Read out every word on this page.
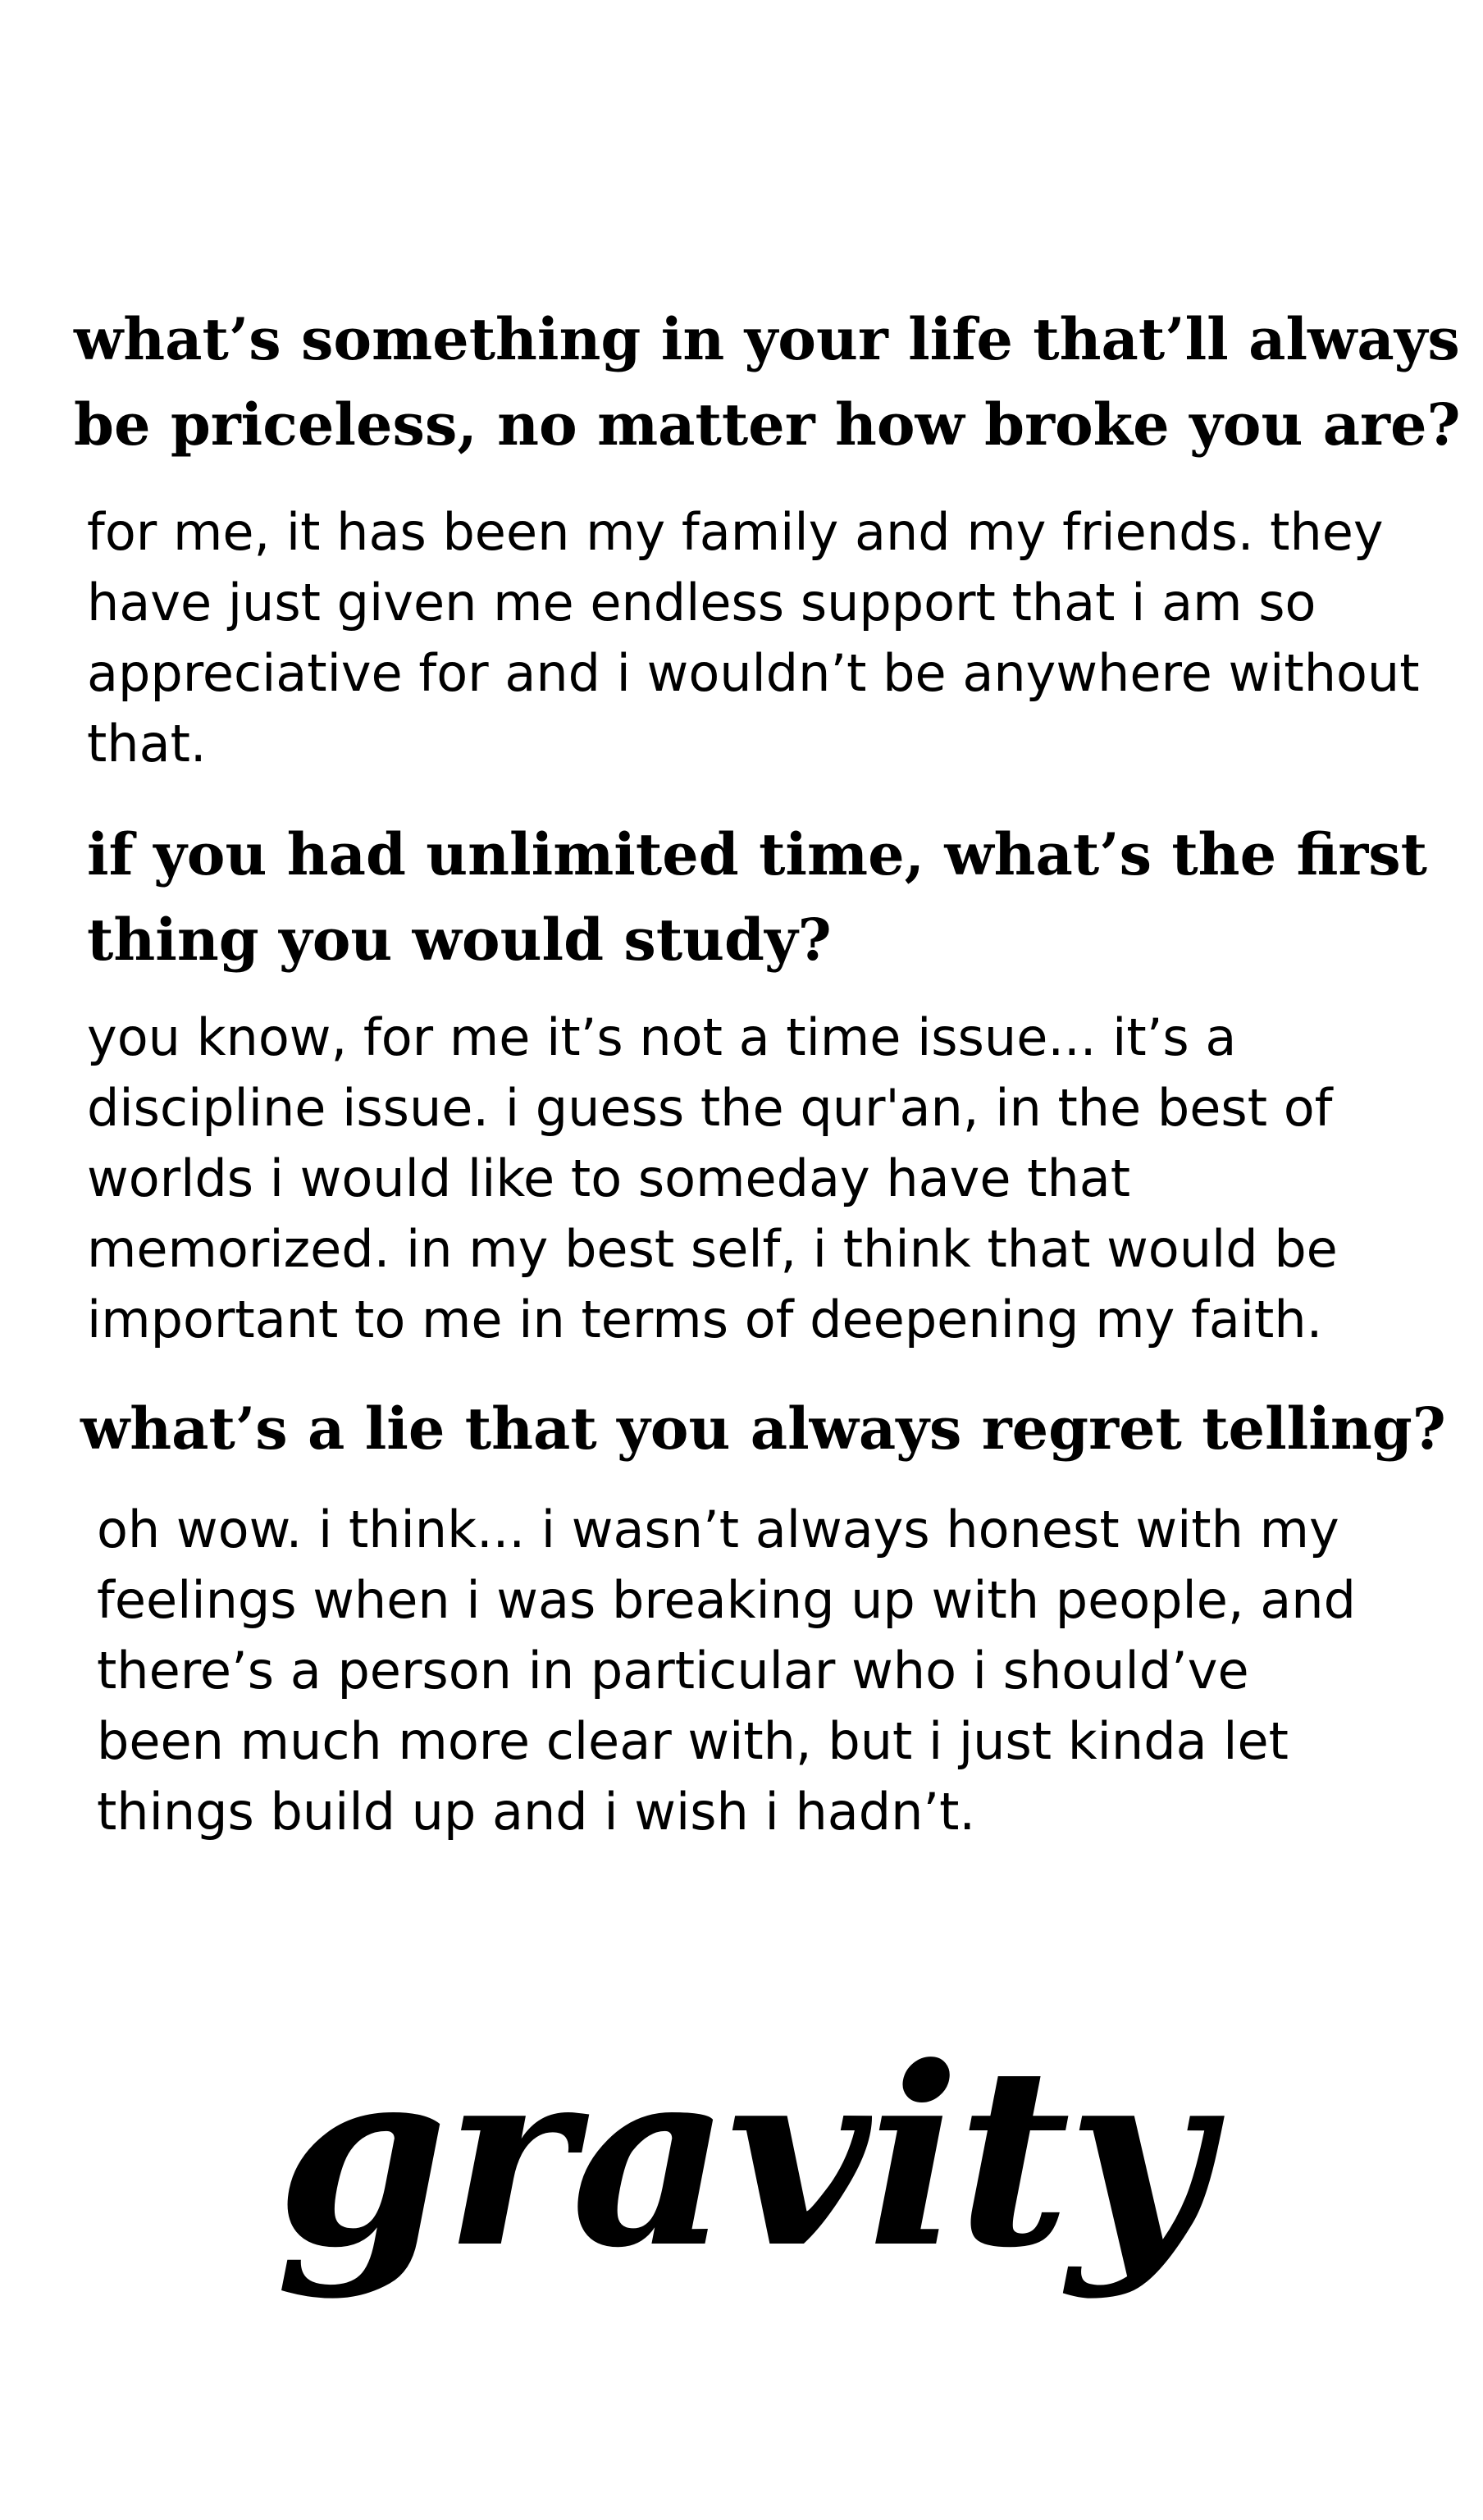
what’s something in your life that’ll always
be priceless, no matter how broke you are?

for me, it has been my family and my friends. they
have just given me endless support that i am so
appreciative for and i wouldn’t be anywhere without
that.

if you had unlimited time, what’s the first
thing you would study?

you know, for me it’s not a time issue... it’s a
discipline issue. i guess the qur'an, in the best of
worlds i would like to someday have that
memorized. in my best self, i think that would be
important to me in terms of deepening my faith.

what’s a lie that you always regret telling?

oh wow. i think... i wasn’t always honest with my
feelings when i was breaking up with people, and
there’s a person in particular who i should’ve
been much more clear with, but i just kinda let
things build up and i wish i hadn’t.

gravity
